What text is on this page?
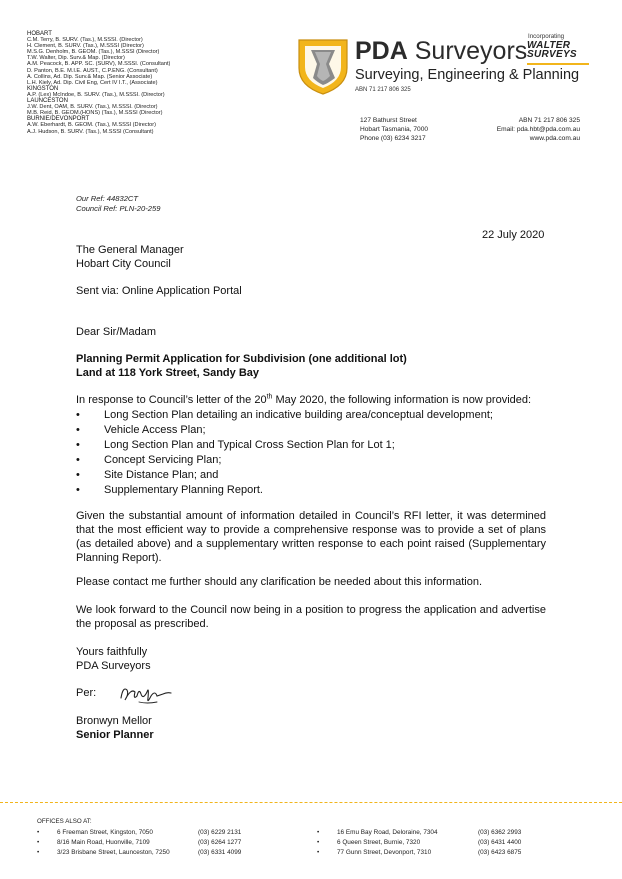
HOBART
C.M. Terry, B. SURV. (Tas.), M.SSSI. (Director)
H. Clement, B. SURV. (Tas.), M.SSSI (Director)
M.S.G. Denholm, B. GEOM. (Tas.), M.SSSI (Director)
T.W. Walter, Dip. Surv.& Map. (Director)
A.M. Peacock, B. APP. SC. (SURV), M.SSSI. (Consultant)
D. Panton, B.E. M.I.E. AUST., C.P.ENG. (Consultant)
A. Collins, Ad. Dip. Surv.& Map. (Senior Associate)
L.H. Kiely, Ad. Dip. Civil Eng, Cert IV I.T., (Associate)
KINGSTON
A.P. (Lex) McIndoe, B. SURV. (Tas.), M.SSSI. (Director)
LAUNCESTON
J.W. Dent, OAM, B. SURV. (Tas.), M.SSSI. (Director)
M.B. Reid, B. GEOM.(HONS) (Tas.), M.SSSI (Director)
BURNIE/DEVONPORT
A.W. Eberhardt, B. GEOM. (Tas.), M.SSSI (Director)
A.J. Hudson, B. SURV. (Tas.), M.SSSI (Consultant)
PDA Surveyors
Surveying, Engineering & Planning
ABN 71 217 806 325
Incorporating
WALTER
SURVEYS
127 Bathurst Street
Hobart Tasmania, 7000
Phone (03) 6234 3217
ABN 71 217 806 325
Email: pda.hbt@pda.com.au
www.pda.com.au
Our Ref: 44832CT
Council Ref: PLN-20-259
22 July 2020
The General Manager
Hobart City Council
Sent via: Online Application Portal
Dear Sir/Madam
Planning Permit Application for Subdivision (one additional lot)
Land at 118 York Street, Sandy Bay
In response to Council’s letter of the 20th May 2020, the following information is now provided:
• Long Section Plan detailing an indicative building area/conceptual development;
• Vehicle Access Plan;
• Long Section Plan and Typical Cross Section Plan for Lot 1;
• Concept Servicing Plan;
• Site Distance Plan; and
• Supplementary Planning Report.
Given the substantial amount of information detailed in Council’s RFI letter, it was determined that the most efficient way to provide a comprehensive response was to provide a set of plans (as detailed above) and a supplementary written response to each point raised (Supplementary Planning Report).
Please contact me further should any clarification be needed about this information.
We look forward to the Council now being in a position to progress the application and advertise the proposal as prescribed.
Yours faithfully
PDA Surveyors
Per:
Bronwyn Mellor
Senior Planner
OFFICES ALSO AT:
•	6 Freeman Street, Kingston, 7050	(03) 6229 2131
•	8/16 Main Road, Huonville, 7109	(03) 6264 1277
•	3/23 Brisbane Street, Launceston, 7250	(03) 6331 4099
•	16 Emu Bay Road, Deloraine, 7304	(03) 6362 2993
•	6 Queen Street, Burnie, 7320	(03) 6431 4400
•	77 Gunn Street, Devonport, 7310	(03) 6423 6875
